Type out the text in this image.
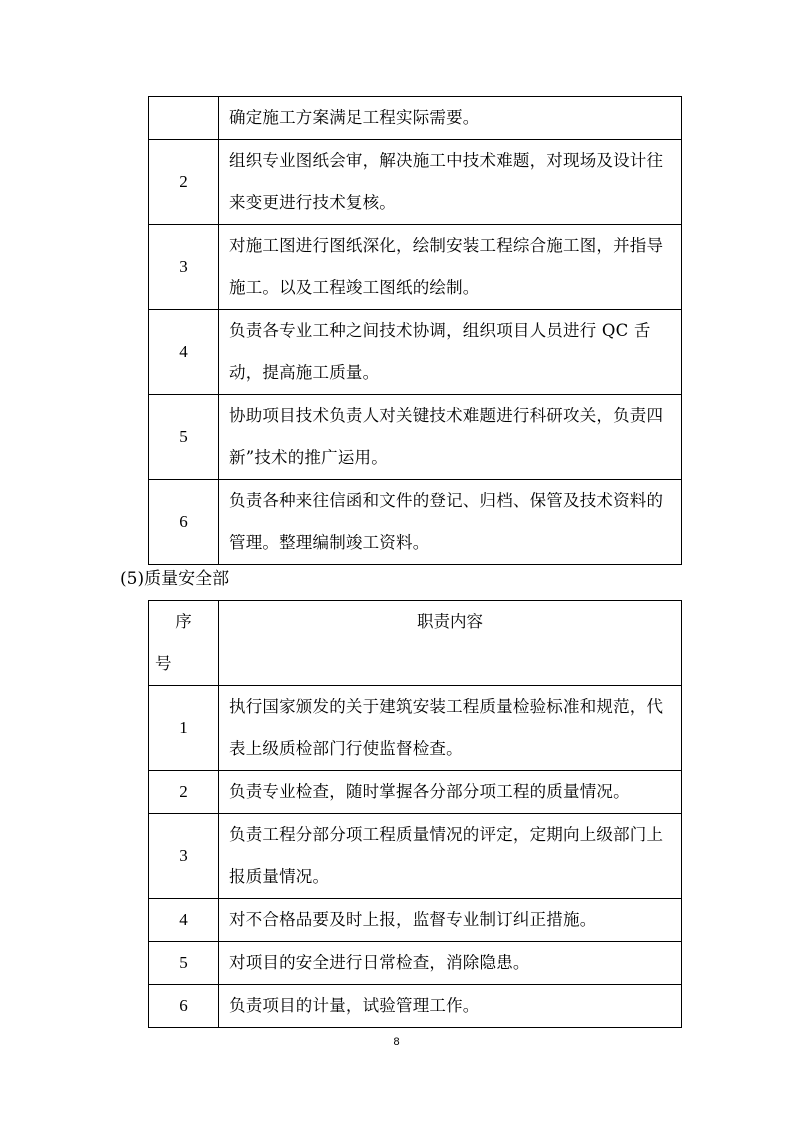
	确定施工方案满足工程实际需要。
2	组织专业图纸会审，解决施工中技术难题，对现场及设计往来变更进行技术复核。
3	对施工图进行图纸深化，绘制安装工程综合施工图，并指导施工。以及工程竣工图纸的绘制。
4	负责各专业工种之间技术协调，组织项目人员进行 QC 舌动，提高施工质量。
5	协助项目技术负责人对关键技术难题进行科研攻关，负责四新”技术的推广运用。
6	负责各种来往信函和文件的登记、归档、保管及技术资料的 管理。整理编制竣工资料。
(5)质量安全部
序
号	职责内容
1	执行国家颁发的关于建筑安装工程质量检验标准和规范，代表上级质检部门行使监督检查。
2	负责专业检查，随时掌握各分部分项工程的质量情况。
3	负责工程分部分项工程质量情况的评定，定期向上级部门上报质量情况。
4	对不合格品要及时上报，监督专业制订纠正措施。
5	对项目的安全进行日常检查，消除隐患。
6	负责项目的计量，试验管理工作。
8
